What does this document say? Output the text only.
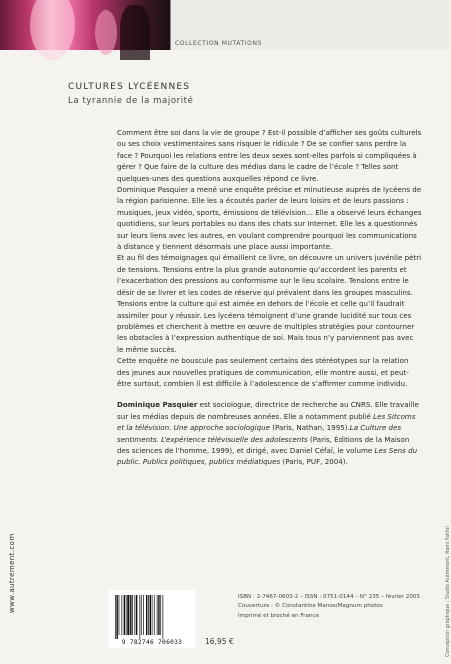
COLLECTION MUTATIONS
CULTURES LYCÉENNES
La tyrannie de la majorité

Comment être soi dans la vie de groupe ? Est-il possible d’afficher ses goûts culturels ou ses choix vestimentaires sans risquer le ridicule ? De se confier sans perdre la face ? Pourquoi les relations entre les deux sexes sont-elles parfois si compliquées à gérer ? Que faire de la culture des médias dans le cadre de l’école ? Telles sont quelques-unes des questions auxquelles répond ce livre.

Dominique Pasquier a mené une enquête précise et minutieuse auprès de lycéens de la région parisienne. Elle les a écoutés parler de leurs loisirs et de leurs passions : musiques, jeux vidéo, sports, émissions de télévision… Elle a observé leurs échanges quotidiens, sur leurs portables ou dans des chats sur Internet. Elle les a questionnés sur leurs liens avec les autres, en voulant comprendre pourquoi les communications à distance y tiennent désormais une place aussi importante.

Et au fil des témoignages qui émaillent ce livre, on découvre un univers juvénile pétri de tensions. Tensions entre la plus grande autonomie qu’accordent les parents et l’exacerbation des pressions au conformisme sur le lieu scolaire. Tensions entre le désir de se livrer et les codes de réserve qui prévalent dans les groupes masculins. Tensions entre la culture qui est aimée en dehors de l’école et celle qu’il faudrait assimiler pour y réussir. Les lycéens témoignent d’une grande lucidité sur tous ces problèmes et cherchent à mettre en œuvre de multiples stratégies pour contourner les obstacles à l’expression authentique de soi. Mais tous n’y parviennent pas avec le même succès.

Cette enquête ne bouscule pas seulement certains des stéréotypes sur la relation des jeunes aux nouvelles pratiques de communication, elle montre aussi, et peut-être surtout, combien il est difficile à l’adolescence de s’affirmer comme individu.

Dominique Pasquier est sociologue, directrice de recherche au CNRS. Elle travaille sur les médias depuis de nombreuses années. Elle a notamment publié Les Sitcoms et la télévision. Une approche sociologique (Paris, Nathan, 1995).La Culture des sentiments. L’expérience télévisuelle des adolescents (Paris, Éditions de la Maison des sciences de l’homme, 1999), et dirigé, avec Daniel Céfaï, le volume Les Sens du public. Publics politiques, publics médiatiques (Paris, PUF, 2004).

www.autrement.com	Conception graphique : Studio Autrement, Rami Fakhri
9 782746 706033
ISBN : 2-7467-0603-2 – ISSN : 0751-0144 – N° 235 – février 2005
Couverture : © Constantine Manos/Magnum photos
Imprimé et broché en France
16,95 €
